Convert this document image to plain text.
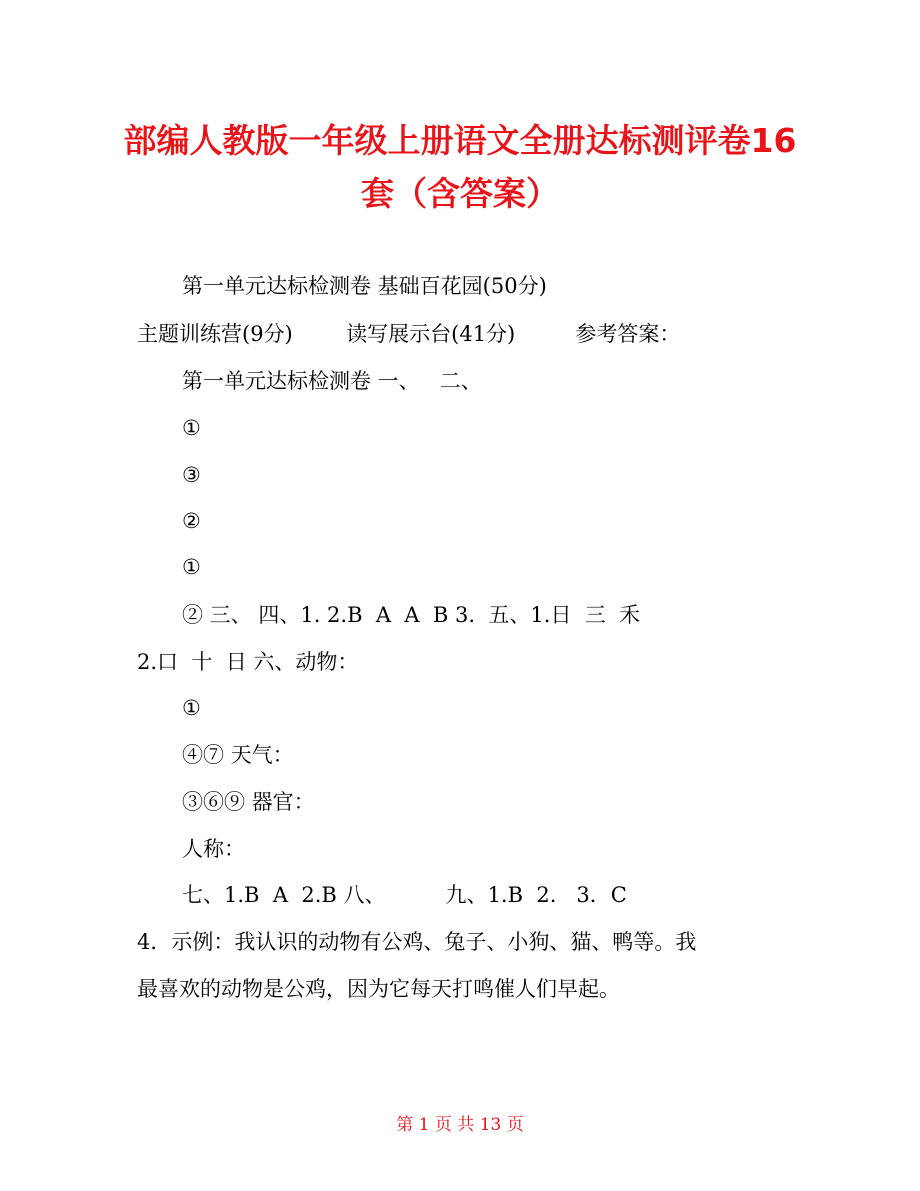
部编人教版一年级上册语文全册达标测评卷16
套（含答案）
第一单元达标检测卷 基础百花园(50分)
主题训练营(9分)        读写展示台(41分)         参考答案：
第一单元达标检测卷 一、   二、
①
③
②
①
② 三、 四、1. 2.B  A  A  B 3.  五、1.日  三  禾
2.口  十  日 六、动物：
①
④⑦ 天气：
③⑥⑨ 器官：
人称：
七、1.B  A  2.B 八、         九、1.B  2.   3．C
4．示例：我认识的动物有公鸡、兔子、小狗、猫、鸭等。我
最喜欢的动物是公鸡，因为它每天打鸣催人们早起。
第 1 页 共 13 页
